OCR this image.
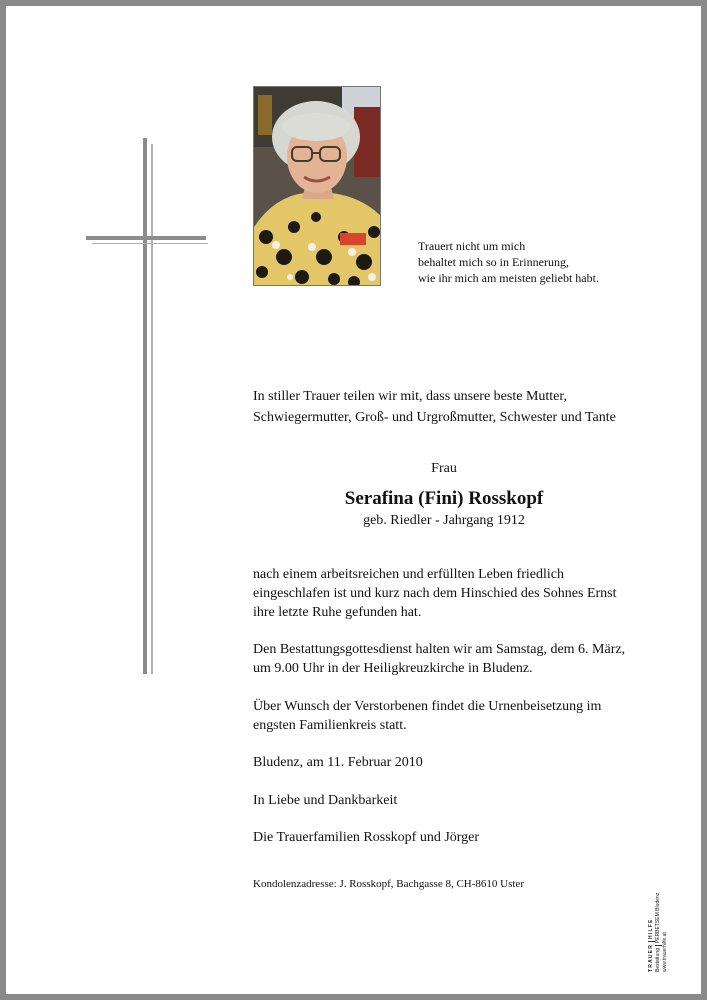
Trauert nicht um mich
behaltet mich so in Erinnerung,
wie ihr mich am meisten geliebt habt.
In stiller Trauer teilen wir mit, dass unsere beste Mutter,
Schwiegermutter, Groß- und Urgroßmutter, Schwester und Tante
Frau
Serafina (Fini) Rosskopf
geb. Riedler - Jahrgang 1912
nach einem arbeitsreichen und erfüllten Leben friedlich
eingeschlafen ist und kurz nach dem Hinschied des Sohnes Ernst
ihre letzte Ruhe gefunden hat.
Den Bestattungsgottesdienst halten wir am Samstag, dem 6. März,
um 9.00 Uhr in der Heiligkreuzkirche in Bludenz.
Über Wunsch der Verstorbenen findet die Urnenbeisetzung im
engsten Familienkreis statt.
Bludenz, am 11. Februar 2010
In Liebe und Dankbarkeit
Die Trauerfamilien Rosskopf und Jörger
Kondolenzadresse: J. Rosskopf, Bachgasse 8, CH-8610 Uster
TRAUER
HILFE
Bestattung
PERBETSEM Bludenz
www.trauerhilfe.at
